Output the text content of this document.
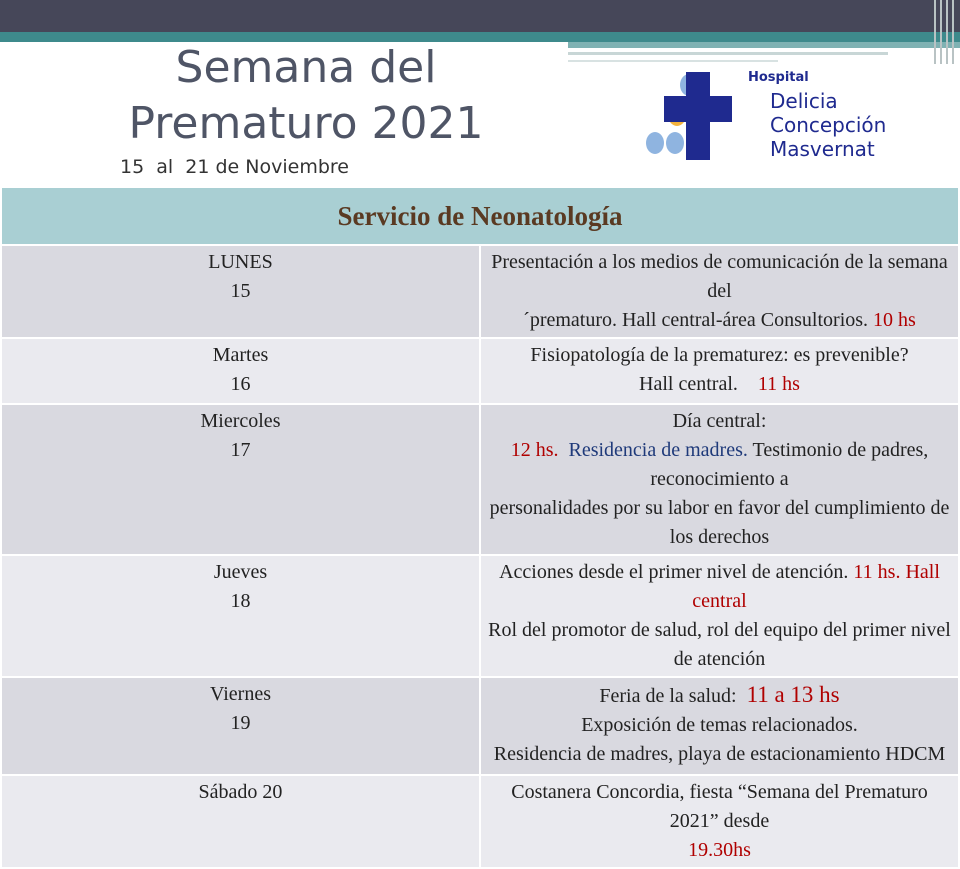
Semana del
Prematuro 2021
15  al  21 de Noviembre
Hospital
Delicia
Concepción
Masvernat
Servicio de Neonatología	
LUNES
15	Presentación a los medios de comunicación de la semana del
´prematuro. Hall central-área Consultorios. 10 hs
Martes
16	Fisiopatología de la prematurez: es prevenible?
Hall central. 11 hs
Miercoles
17	Día central:
12 hs. Residencia de madres. Testimonio de padres, reconocimiento a
personalidades por su labor en favor del cumplimiento de los derechos
Jueves
18	Acciones desde el primer nivel de atención. 11 hs. Hall central
Rol del promotor de salud, rol del equipo del primer nivel de atención
Viernes
19	Feria de la salud: 11 a 13 hs
Exposición de temas relacionados.
Residencia de madres, playa de estacionamiento HDCM
Sábado 20	Costanera Concordia, fiesta “Semana del Prematuro 2021” desde
19.30hs
